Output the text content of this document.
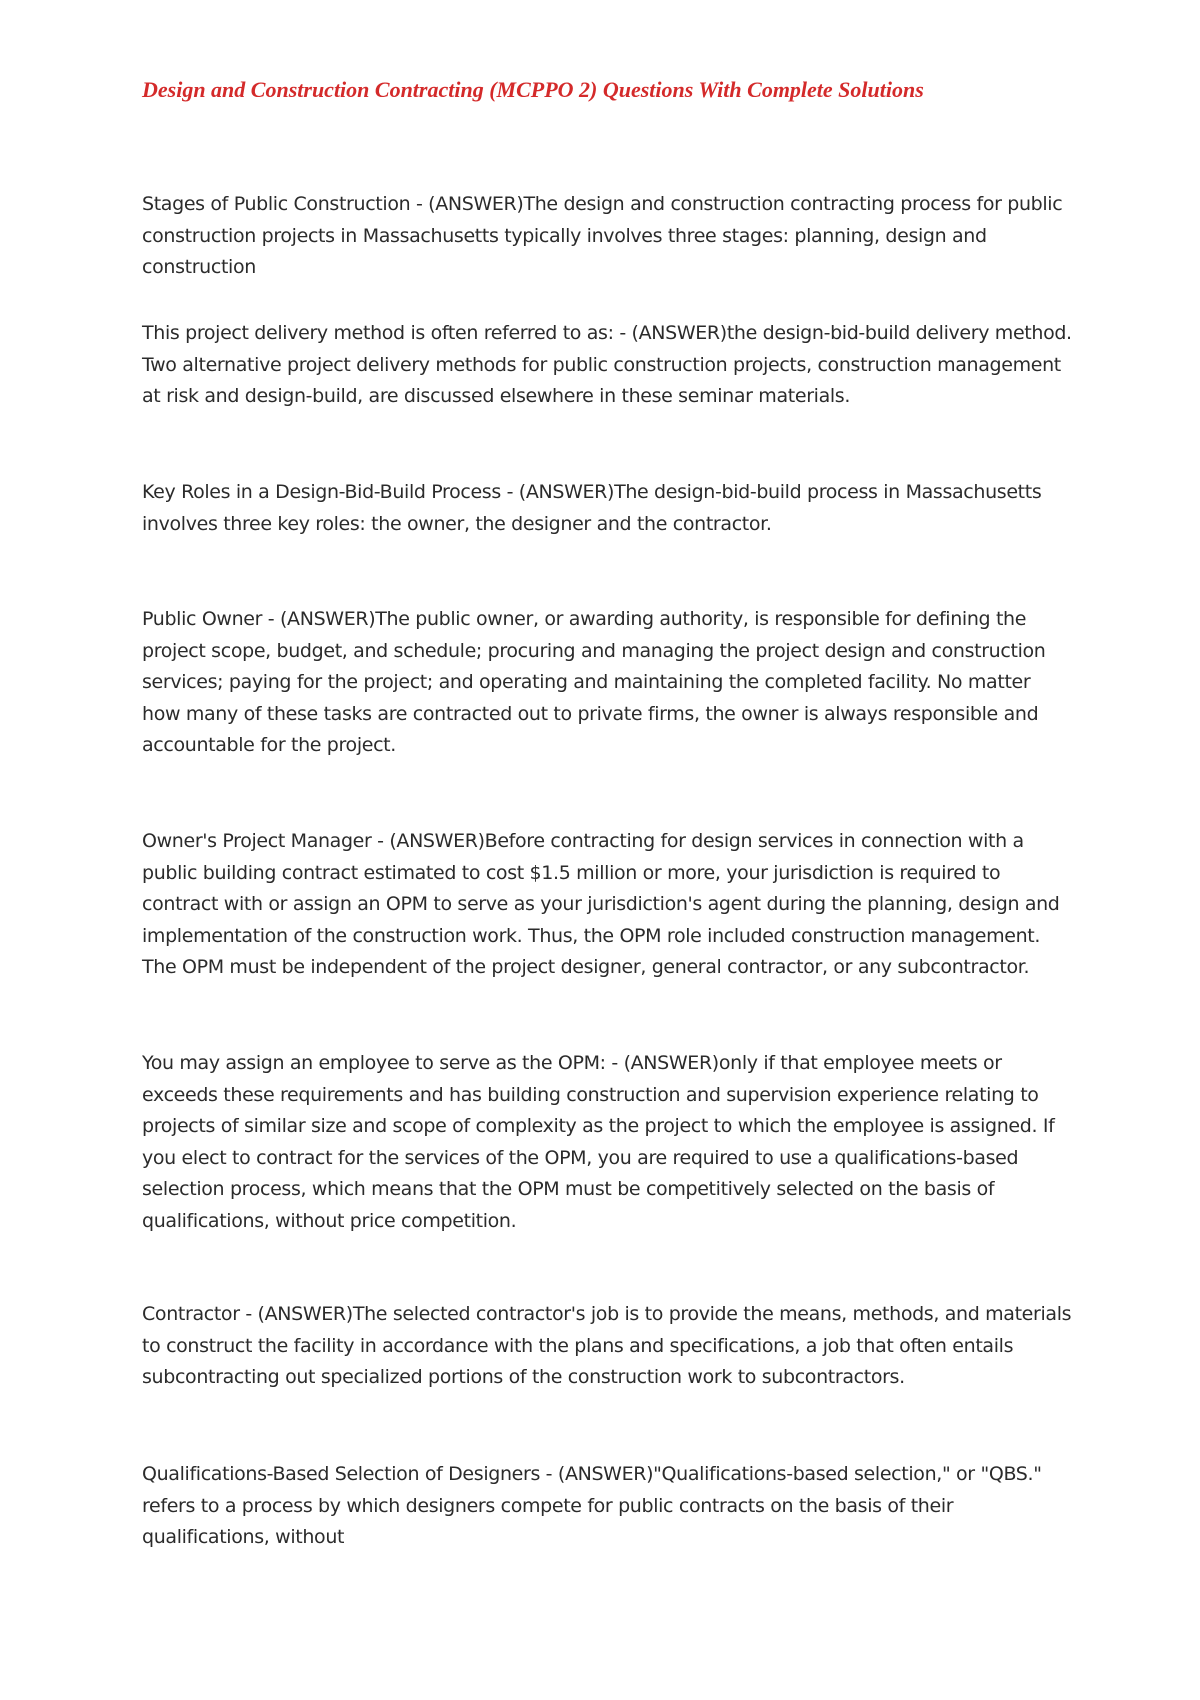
Design and Construction Contracting (MCPPO 2) Questions With Complete Solutions

Stages of Public Construction - (ANSWER)The design and construction contracting process for public construction projects in Massachusetts typically involves three stages: planning, design and construction

This project delivery method is often referred to as: - (ANSWER)the design-bid-build delivery method. Two alternative project delivery methods for public construction projects, construction management at risk and design-build, are discussed elsewhere in these seminar materials.

Key Roles in a Design-Bid-Build Process - (ANSWER)The design-bid-build process in Massachusetts involves three key roles: the owner, the designer and the contractor.

Public Owner - (ANSWER)The public owner, or awarding authority, is responsible for defining the project scope, budget, and schedule; procuring and managing the project design and construction services; paying for the project; and operating and maintaining the completed facility. No matter how many of these tasks are contracted out to private firms, the owner is always responsible and accountable for the project.

Owner's Project Manager - (ANSWER)Before contracting for design services in connection with a public building contract estimated to cost $1.5 million or more, your jurisdiction is required to contract with or assign an OPM to serve as your jurisdiction's agent during the planning, design and implementation of the construction work. Thus, the OPM role included construction management. The OPM must be independent of the project designer, general contractor, or any subcontractor.

You may assign an employee to serve as the OPM: - (ANSWER)only if that employee meets or exceeds these requirements and has building construction and supervision experience relating to projects of similar size and scope of complexity as the project to which the employee is assigned. If you elect to contract for the services of the OPM, you are required to use a qualifications-based selection process, which means that the OPM must be competitively selected on the basis of qualifications, without price competition.

Contractor - (ANSWER)The selected contractor's job is to provide the means, methods, and materials to construct the facility in accordance with the plans and specifications, a job that often entails subcontracting out specialized portions of the construction work to subcontractors.

Qualifications-Based Selection of Designers - (ANSWER)"Qualifications-based selection," or "QBS." refers to a process by which designers compete for public contracts on the basis of their qualifications, without
